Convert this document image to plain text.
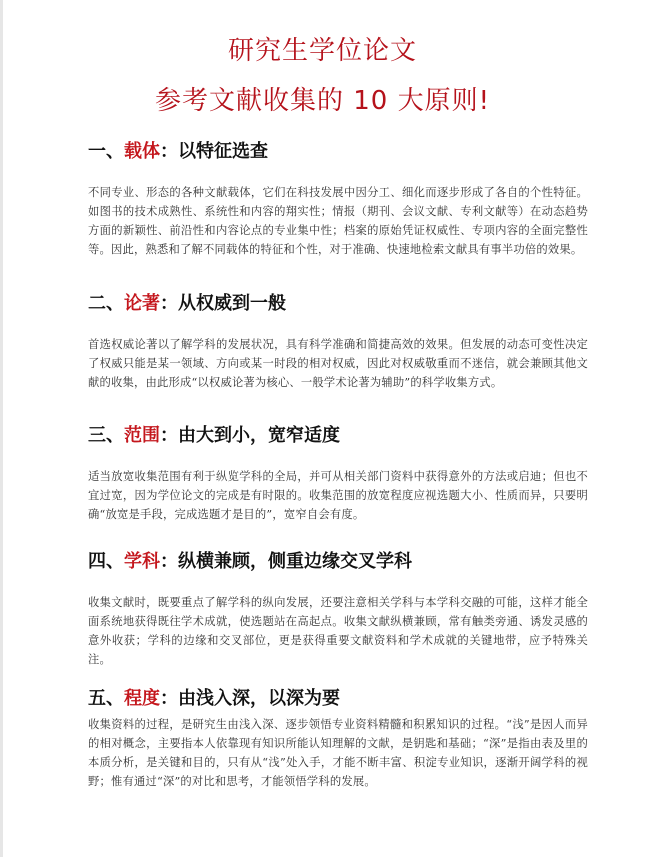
研究生学位论文
参考文献收集的 10 大原则!
一、载体：以特征选查

不同专业、形态的各种文献载体，它们在科技发展中因分工、细化而逐步形成了各自的个性特征。如图书的技术成熟性、系统性和内容的翔实性；情报（期刊、会议文献、专利文献等）在动态趋势方面的新颖性、前沿性和内容论点的专业集中性；档案的原始凭证权威性、专项内容的全面完整性等。因此，熟悉和了解不同载体的特征和个性，对于准确、快速地检索文献具有事半功倍的效果。

二、论著：从权威到一般

首选权威论著以了解学科的发展状况，具有科学准确和简捷高效的效果。但发展的动态可变性决定了权威只能是某一领域、方向或某一时段的相对权威，因此对权威敬重而不迷信，就会兼顾其他文献的收集，由此形成“以权威论著为核心、一般学术论著为辅助”的科学收集方式。

三、范围：由大到小，宽窄适度

适当放宽收集范围有利于纵览学科的全局，并可从相关部门资料中获得意外的方法或启迪；但也不宜过宽，因为学位论文的完成是有时限的。收集范围的放宽程度应视选题大小、性质而异，只要明确“放宽是手段，完成选题才是目的”，宽窄自会有度。

四、学科：纵横兼顾，侧重边缘交叉学科

收集文献时，既要重点了解学科的纵向发展，还要注意相关学科与本学科交融的可能，这样才能全面系统地获得既往学术成就，使选题站在高起点。收集文献纵横兼顾，常有触类旁通、诱发灵感的意外收获；学科的边缘和交叉部位，更是获得重要文献资料和学术成就的关键地带，应予特殊关注。

五、程度：由浅入深，以深为要

收集资料的过程，是研究生由浅入深、逐步领悟专业资料精髓和积累知识的过程。“浅”是因人而异的相对概念，主要指本人依靠现有知识所能认知理解的文献，是钥匙和基础；“深”是指由表及里的本质分析，是关键和目的，只有从“浅”处入手，才能不断丰富、积淀专业知识，逐渐开阔学科的视野；惟有通过“深”的对比和思考，才能领悟学科的发展。
